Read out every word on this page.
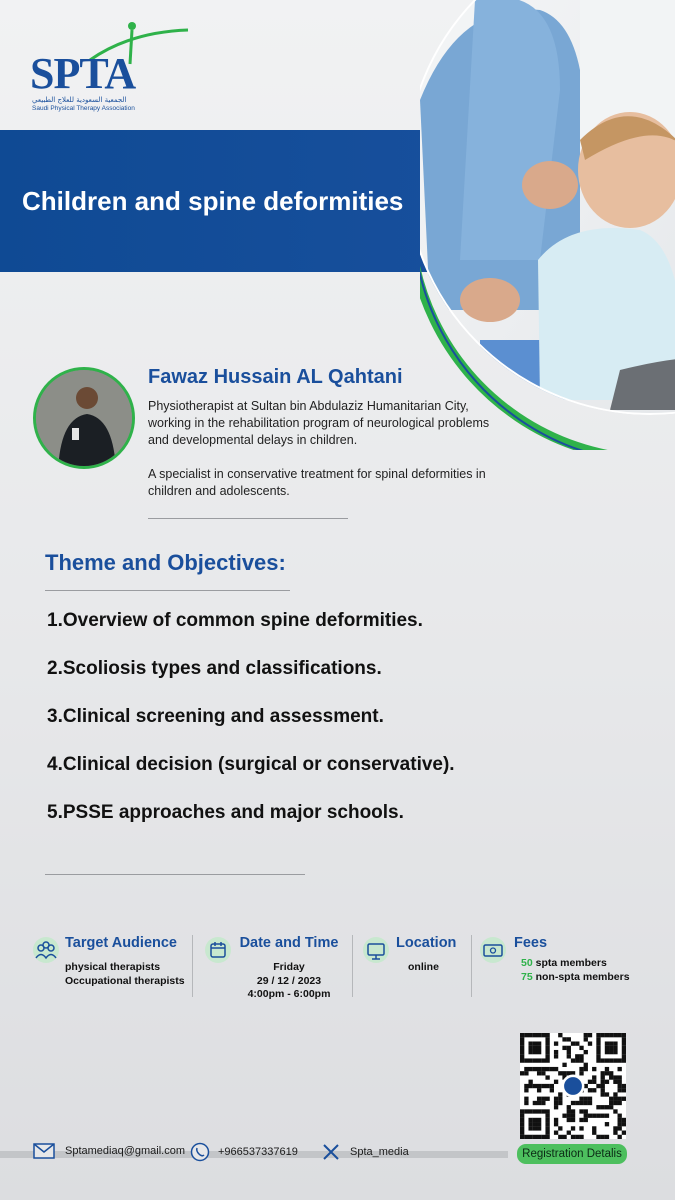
SPTA
الجمعية السعودية للعلاج الطبيعي
Saudi Physical Therapy Association
Children and spine deformities
Fawaz Hussain AL Qahtani

Physiotherapist at Sultan bin Abdulaziz Humanitarian City, working in the rehabilitation program of neurological problems and developmental delays in children.

A specialist in conservative treatment for spinal deformities in children and adolescents.

Theme and Objectives:
1.Overview of common spine deformities.
2.Scoliosis types and classifications.
3.Clinical screening and assessment.
4.Clinical decision (surgical or conservative).
5.PSSE approaches and major schools.
Target Audience
physical therapists
Occupational therapists
Date and Time
Friday
29 / 12 / 2023
4:00pm - 6:00pm
Location
online
Fees
50 spta members
75 non-spta members
Registration Detalis
Sptamediaq@gmail.com	+966537337619	Spta_media
